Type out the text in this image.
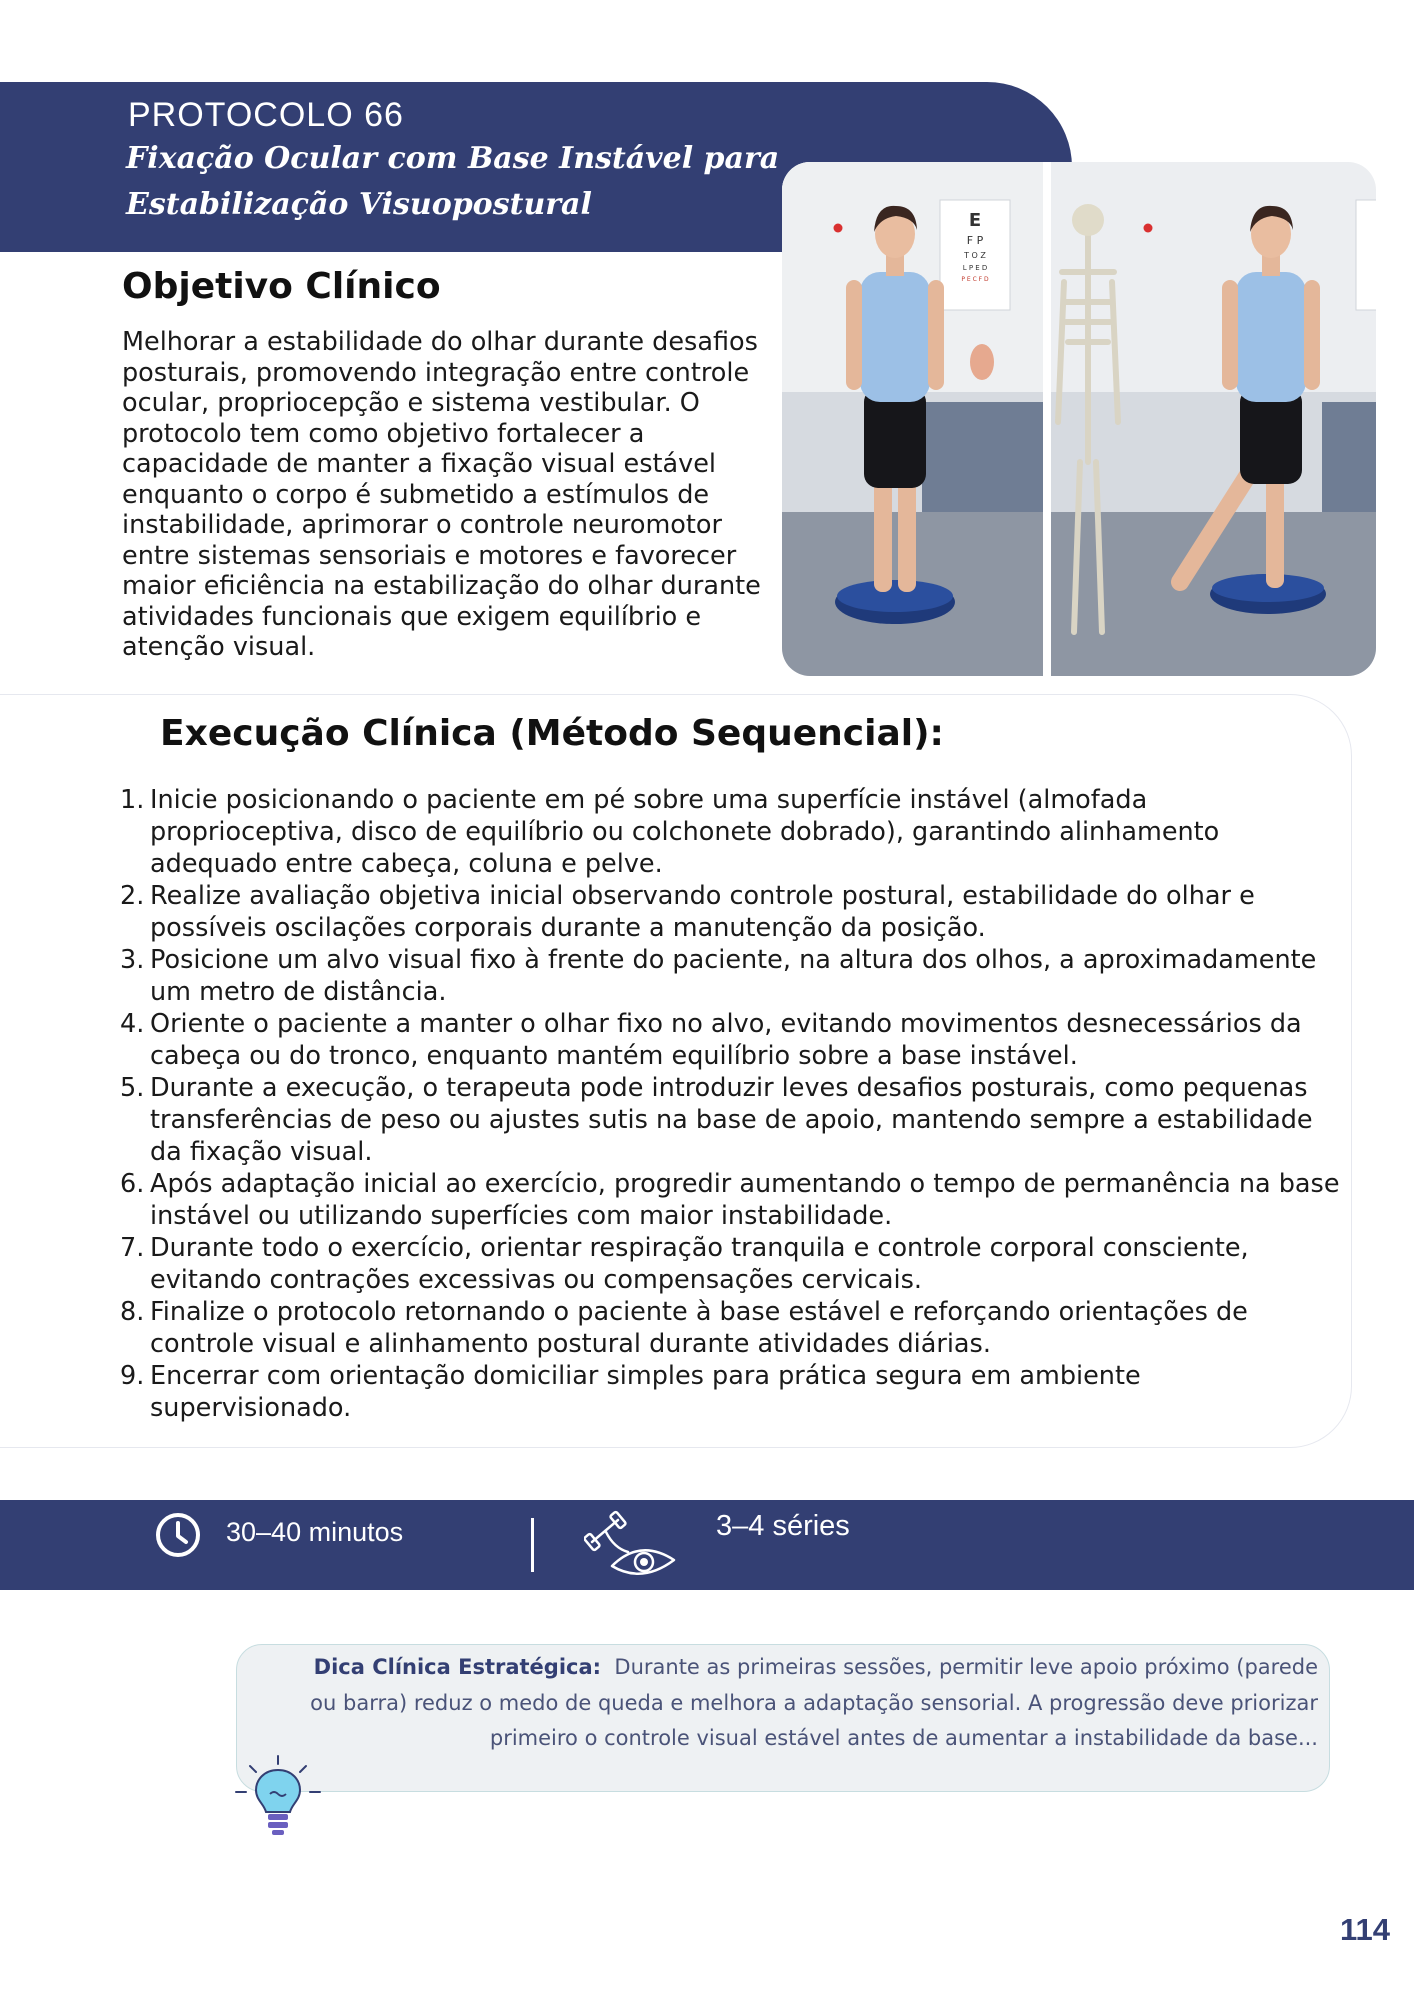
PROTOCOLO 66
Fixação Ocular com Base Instável para Estabilização Visuopostural	E
F P
T O Z
L P E D
P E C F D
Objetivo Clínico
Melhorar a estabilidade do olhar durante desafios posturais, promovendo integração entre controle ocular, propriocepção e sistema vestibular. O protocolo tem como objetivo fortalecer a capacidade de manter a fixação visual estável enquanto o corpo é submetido a estímulos de instabilidade, aprimorar o controle neuromotor entre sistemas sensoriais e motores e favorecer maior eficiência na estabilização do olhar durante atividades funcionais que exigem equilíbrio e atenção visual.
Execução Clínica (Método Sequencial):
1. Inicie posicionando o paciente em pé sobre uma superfície instável (almofada proprioceptiva, disco de equilíbrio ou colchonete dobrado), garantindo alinhamento adequado entre cabeça, coluna e pelve.
2. Realize avaliação objetiva inicial observando controle postural, estabilidade do olhar e possíveis oscilações corporais durante a manutenção da posição.
3. Posicione um alvo visual fixo à frente do paciente, na altura dos olhos, a aproximadamente um metro de distância.
4. Oriente o paciente a manter o olhar fixo no alvo, evitando movimentos desnecessários da cabeça ou do tronco, enquanto mantém equilíbrio sobre a base instável.
5. Durante a execução, o terapeuta pode introduzir leves desafios posturais, como pequenas transferências de peso ou ajustes sutis na base de apoio, mantendo sempre a estabilidade da fixação visual.
6. Após adaptação inicial ao exercício, progredir aumentando o tempo de permanência na base instável ou utilizando superfícies com maior instabilidade.
7. Durante todo o exercício, orientar respiração tranquila e controle corporal consciente, evitando contrações excessivas ou compensações cervicais.
8. Finalize o protocolo retornando o paciente à base estável e reforçando orientações de controle visual e alinhamento postural durante atividades diárias.
9. Encerrar com orientação domiciliar simples para prática segura em ambiente supervisionado.
30–40 minutos	3–4 séries
Dica Clínica Estratégica: Durante as primeiras sessões, permitir leve apoio próximo (parede ou barra) reduz o medo de queda e melhora a adaptação sensorial. A progressão deve priorizar primeiro o controle visual estável antes de aumentar a instabilidade da base...
114
